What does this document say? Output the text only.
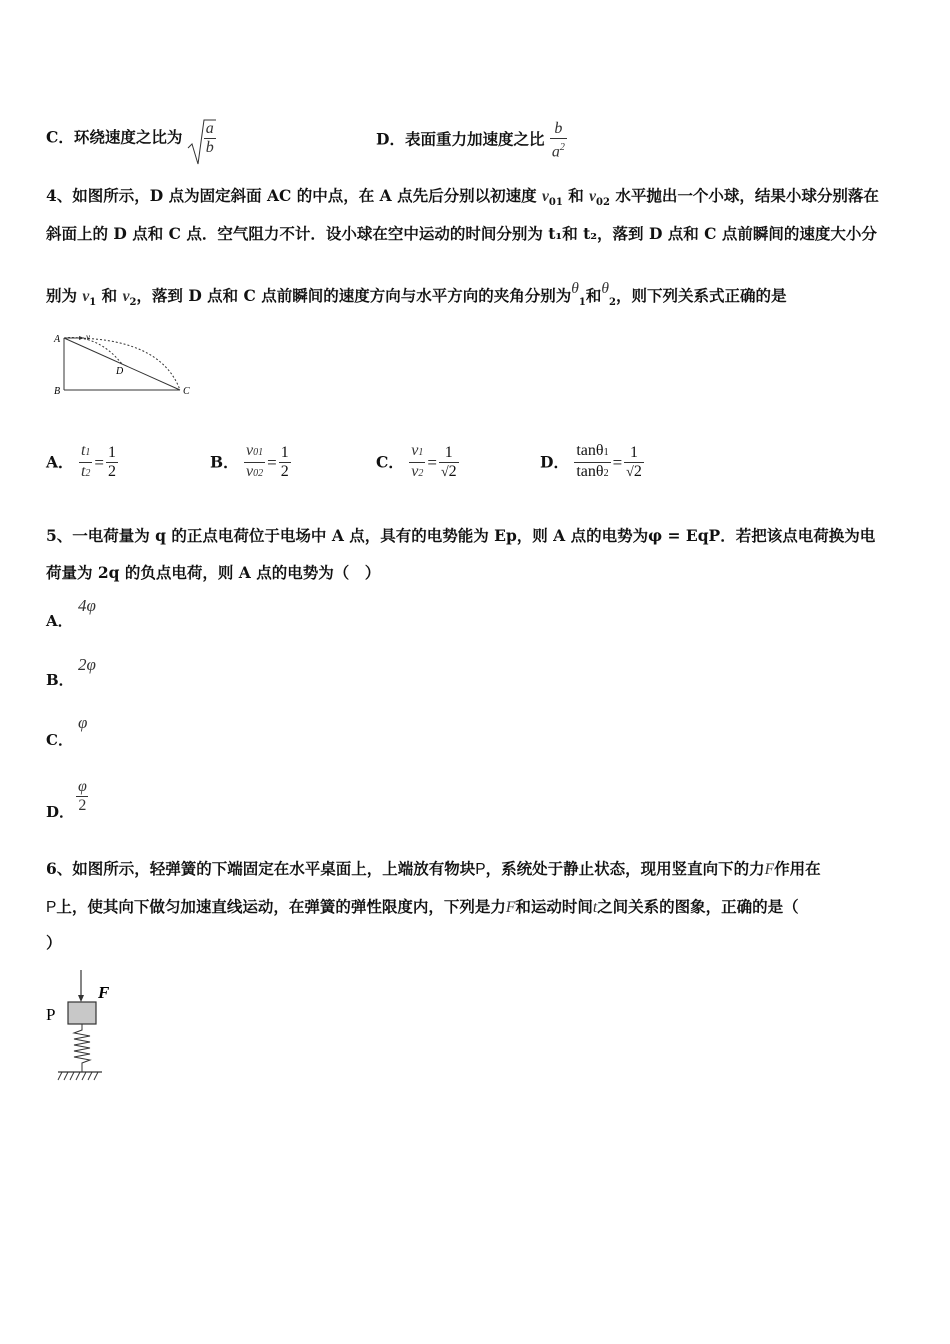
C．环绕速度之比为 $\frac{a}{b}$	D．表面重力加速度之比 $\frac{b}{a^2}$
4、如图所示，D 点为固定斜面 AC 的中点，在 A 点先后分别以初速度 $v_{01}$ 和 $v_{02}$ 水平抛出一个小球，结果小球分别落在
斜面上的 D 点和 C 点．空气阻力不计．设小球在空中运动的时间分别为 t₁和 t₂，落到 D 点和 C 点前瞬间的速度大小分
别为 $v_1$ 和 $v_2$，落到 D 点和 C 点前瞬间的速度方向与水平方向的夹角分别为$\theta_1$和$\theta_2$，则下列关系式正确的是
A	v
D
B	C
A． $\frac{t1}{t2} = \frac{1}{2}$	B． $\frac{v01}{v02} = \frac{1}{2}$	C． $\frac{v1}{v2} = \frac{1}{√2}$	D． $\frac{\tan\theta 1}{\tan\theta 2} = \frac{1}{√2}$
5、一电荷量为 q 的正点电荷位于电场中 A 点，具有的电势能为 Ep，则 A 点的电势为φ = EqP．若把该点电荷换为电
荷量为 2q 的负点电荷，则 A 点的电势为（　）
A．
4φ
B．
2φ
C．
φ
D． $\frac{\varphi}{2}$
6、如图所示，轻弹簧的下端固定在水平桌面上，上端放有物块P，系统处于静止状态，现用竖直向下的力F作用在
P上，使其向下做匀加速直线运动，在弹簧的弹性限度内，下列是力F和运动时间t之间关系的图象，正确的是（
）
P
F
